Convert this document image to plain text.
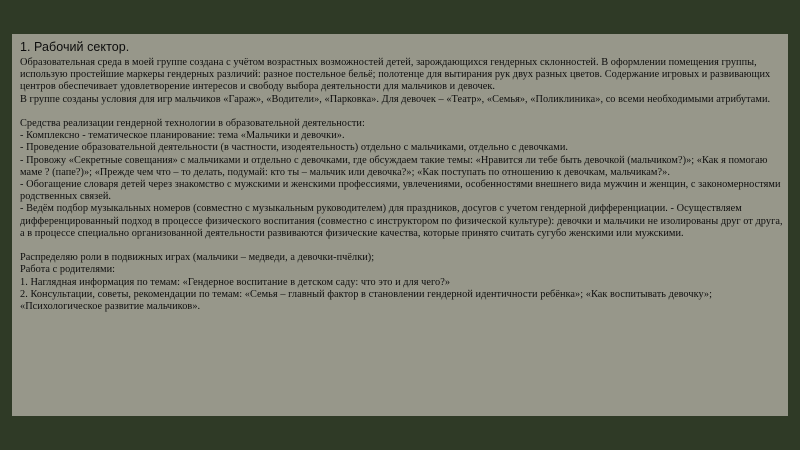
1. Рабочий сектор.

Образовательная среда в моей группе создана с учётом возрастных возможностей детей, зарождающихся гендерных склонностей. В оформлении помещения группы, использую простейшие маркеры гендерных различий: разное постельное бельё; полотенце для вытирания рук двух разных цветов. Содержание игровых и развивающих центров обеспечивает удовлетворение интересов и свободу выбора деятельности для мальчиков и девочек.

В группе созданы условия для игр мальчиков «Гараж», «Водители», «Парковка». Для девочек – «Театр», «Семья», «Поликлиника», со всеми необходимыми атрибутами.

Средства реализации гендерной технологии в образовательной деятельности:

- Комплексно - тематическое планирование: тема «Мальчики и девочки».

- Проведение образовательной деятельности (в частности, изодеятельность) отдельно с мальчиками, отдельно с девочками.

- Провожу «Секретные совещания» с мальчиками и отдельно с девочками, где обсуждаем такие темы: «Нравится ли тебе быть девочкой (мальчиком?)»; «Как я помогаю маме ? (папе?)»; «Прежде чем что – то делать, подумай: кто ты – мальчик или девочка?»; «Как поступать по отношению к девочкам, мальчикам?».

- Обогащение словаря детей через знакомство с мужскими и женскими профессиями, увлечениями, особенностями внешнего вида мужчин и женщин, с закономерностями родственных связей.

- Ведём подбор музыкальных номеров (совместно с музыкальным руководителем) для праздников, досугов с учетом гендерной дифференциации. - Осуществляем дифференцированный подход в процессе физического воспитания (совместно с инструктором по физической культуре): девочки и мальчики не изолированы друг от друга, а в процессе специально организованной деятельности развиваются физические качества, которые принято считать сугубо женскими или мужскими.

Распределяю роли в подвижных играх (мальчики – медведи, а девочки-пчёлки);

Работа с родителями:

1. Наглядная информация по темам: «Гендерное воспитание в детском саду: что это и для чего?»

2. Консультации, советы, рекомендации по темам: «Семья – главный фактор в становлении гендерной идентичности ребёнка»; «Как воспитывать девочку»; «Психологическое развитие мальчиков».
